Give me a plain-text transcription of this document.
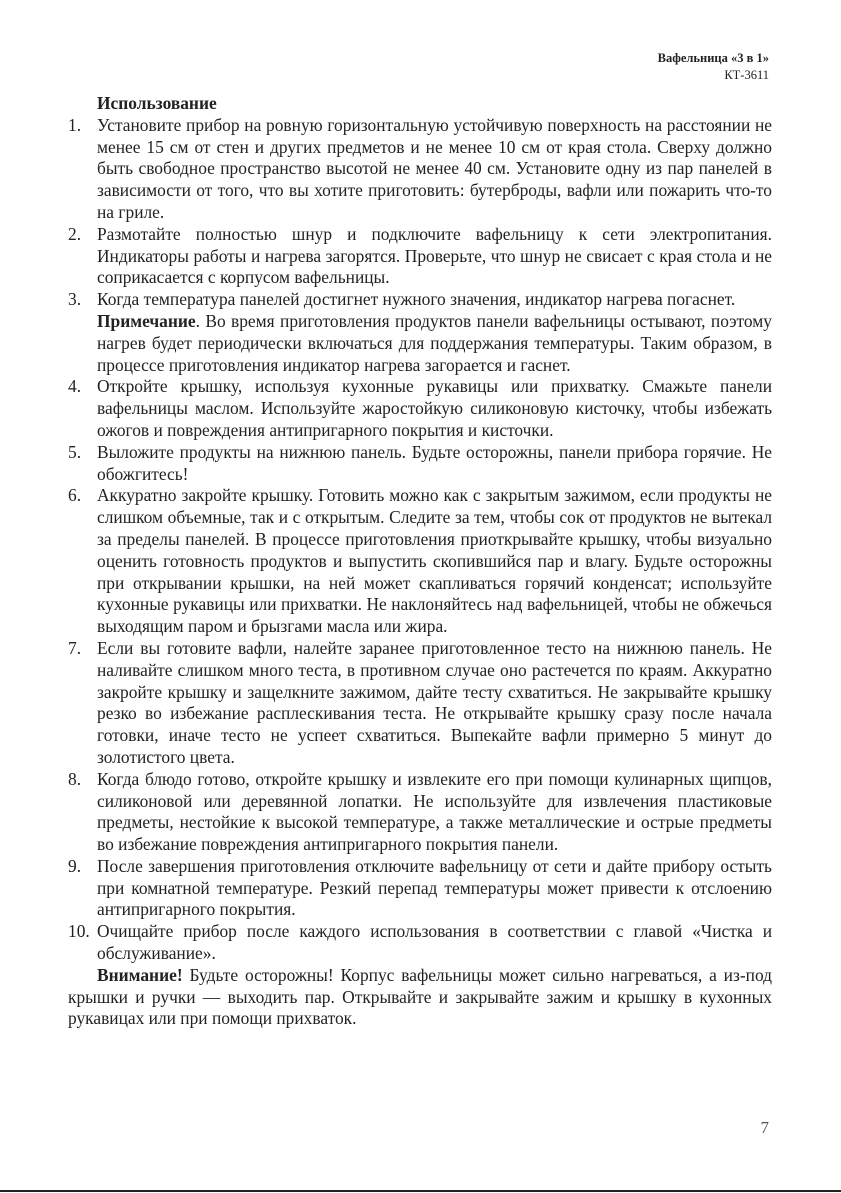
Вафельница «3 в 1»
КТ-3611
Использование
1. Установите прибор на ровную горизонтальную устойчивую поверхность на расстоянии не менее 15 см от стен и других предметов и не менее 10 см от края стола. Сверху должно быть свободное пространство высотой не менее 40 см. Установите одну из пар панелей в зависимости от того, что вы хотите приготовить: бутерброды, вафли или пожарить что-то на гриле.
2. Размотайте полностью шнур и подключите вафельницу к сети электропитания. Индикаторы работы и нагрева загорятся. Проверьте, что шнур не свисает с края стола и не соприкасается с корпусом вафельницы.
3. Когда температура панелей достигнет нужного значения, индикатор нагрева погаснет.
Примечание. Во время приготовления продуктов панели вафельницы остывают, поэтому нагрев будет периодически включаться для поддержания температуры. Таким образом, в процессе приготовления индикатор нагрева загорается и гаснет.
4. Откройте крышку, используя кухонные рукавицы или прихватку. Смажьте панели вафельницы маслом. Используйте жаростойкую силиконовую кисточку, чтобы избежать ожогов и повреждения антипригарного покрытия и кисточки.
5. Выложите продукты на нижнюю панель. Будьте осторожны, панели прибора горячие. Не обожгитесь!
6. Аккуратно закройте крышку. Готовить можно как с закрытым зажимом, если продукты не слишком объемные, так и с открытым. Следите за тем, чтобы сок от продуктов не вытекал за пределы панелей. В процессе приготовления приоткрывайте крышку, чтобы визуально оценить готовность продуктов и выпустить скопившийся пар и влагу. Будьте осторожны при открывании крышки, на ней может скапливаться горячий конденсат; используйте кухонные рукавицы или прихватки. Не наклоняйтесь над вафельницей, чтобы не обжечься выходящим паром и брызгами масла или жира.
7. Если вы готовите вафли, налейте заранее приготовленное тесто на нижнюю панель. Не наливайте слишком много теста, в противном случае оно растечется по краям. Аккуратно закройте крышку и защелкните зажимом, дайте тесту схватиться. Не закрывайте крышку резко во избежание расплескивания теста. Не открывайте крышку сразу после начала готовки, иначе тесто не успеет схватиться. Выпекайте вафли примерно 5 минут до золотистого цвета.
8. Когда блюдо готово, откройте крышку и извлеките его при помощи кулинарных щипцов, силиконовой или деревянной лопатки. Не используйте для извлечения пластиковые предметы, нестойкие к высокой температуре, а также металлические и острые предметы во избежание повреждения антипригарного покрытия панели.
9. После завершения приготовления отключите вафельницу от сети и дайте прибору остыть при комнатной температуре. Резкий перепад температуры может привести к отслоению антипригарного покрытия.
10. Очищайте прибор после каждого использования в соответствии с главой «Чистка и обслуживание».
Внимание! Будьте осторожны! Корпус вафельницы может сильно нагреваться, а из-под крышки и ручки — выходить пар. Открывайте и закрывайте зажим и крышку в кухонных рукавицах или при помощи прихваток.
7
